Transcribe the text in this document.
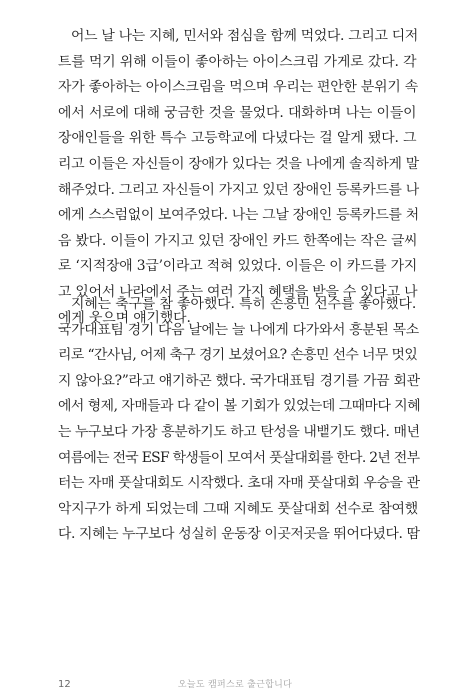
어느 날 나는 지혜, 민서와 점심을 함께 먹었다. 그리고 디저
트를 먹기 위해 이들이 좋아하는 아이스크림 가게로 갔다. 각
자가 좋아하는 아이스크림을 먹으며 우리는 편안한 분위기 속
에서 서로에 대해 궁금한 것을 물었다. 대화하며 나는 이들이
장애인들을 위한 특수 고등학교에 다녔다는 걸 알게 됐다. 그
리고 이들은 자신들이 장애가 있다는 것을 나에게 솔직하게 말
해주었다. 그리고 자신들이 가지고 있던 장애인 등록카드를 나
에게 스스럼없이 보여주었다. 나는 그날 장애인 등록카드를 처
음 봤다. 이들이 가지고 있던 장애인 카드 한쪽에는 작은 글씨
로 ‘지적장애 3급’이라고 적혀 있었다. 이들은 이 카드를 가지
고 있어서 나라에서 주는 여러 가지 혜택을 받을 수 있다고 나
에게 웃으며 얘기했다.
지혜는 축구를 참 좋아했다. 특히 손흥민 선수를 좋아했다.
국가대표팀 경기 다음 날에는 늘 나에게 다가와서 흥분된 목소
리로 “간사님, 어제 축구 경기 보셨어요? 손흥민 선수 너무 멋있
지 않아요?”라고 얘기하곤 했다. 국가대표팀 경기를 가끔 회관
에서 형제, 자매들과 다 같이 볼 기회가 있었는데 그때마다 지혜
는 누구보다 가장 흥분하기도 하고 탄성을 내뱉기도 했다. 매년
여름에는 전국 ESF 학생들이 모여서 풋살대회를 한다. 2년 전부
터는 자매 풋살대회도 시작했다. 초대 자매 풋살대회 우승을 관
악지구가 하게 되었는데 그때 지혜도 풋살대회 선수로 참여했
다. 지혜는 누구보다 성실히 운동장 이곳저곳을 뛰어다녔다. 땀
12	오늘도 캠퍼스로 출근합니다
